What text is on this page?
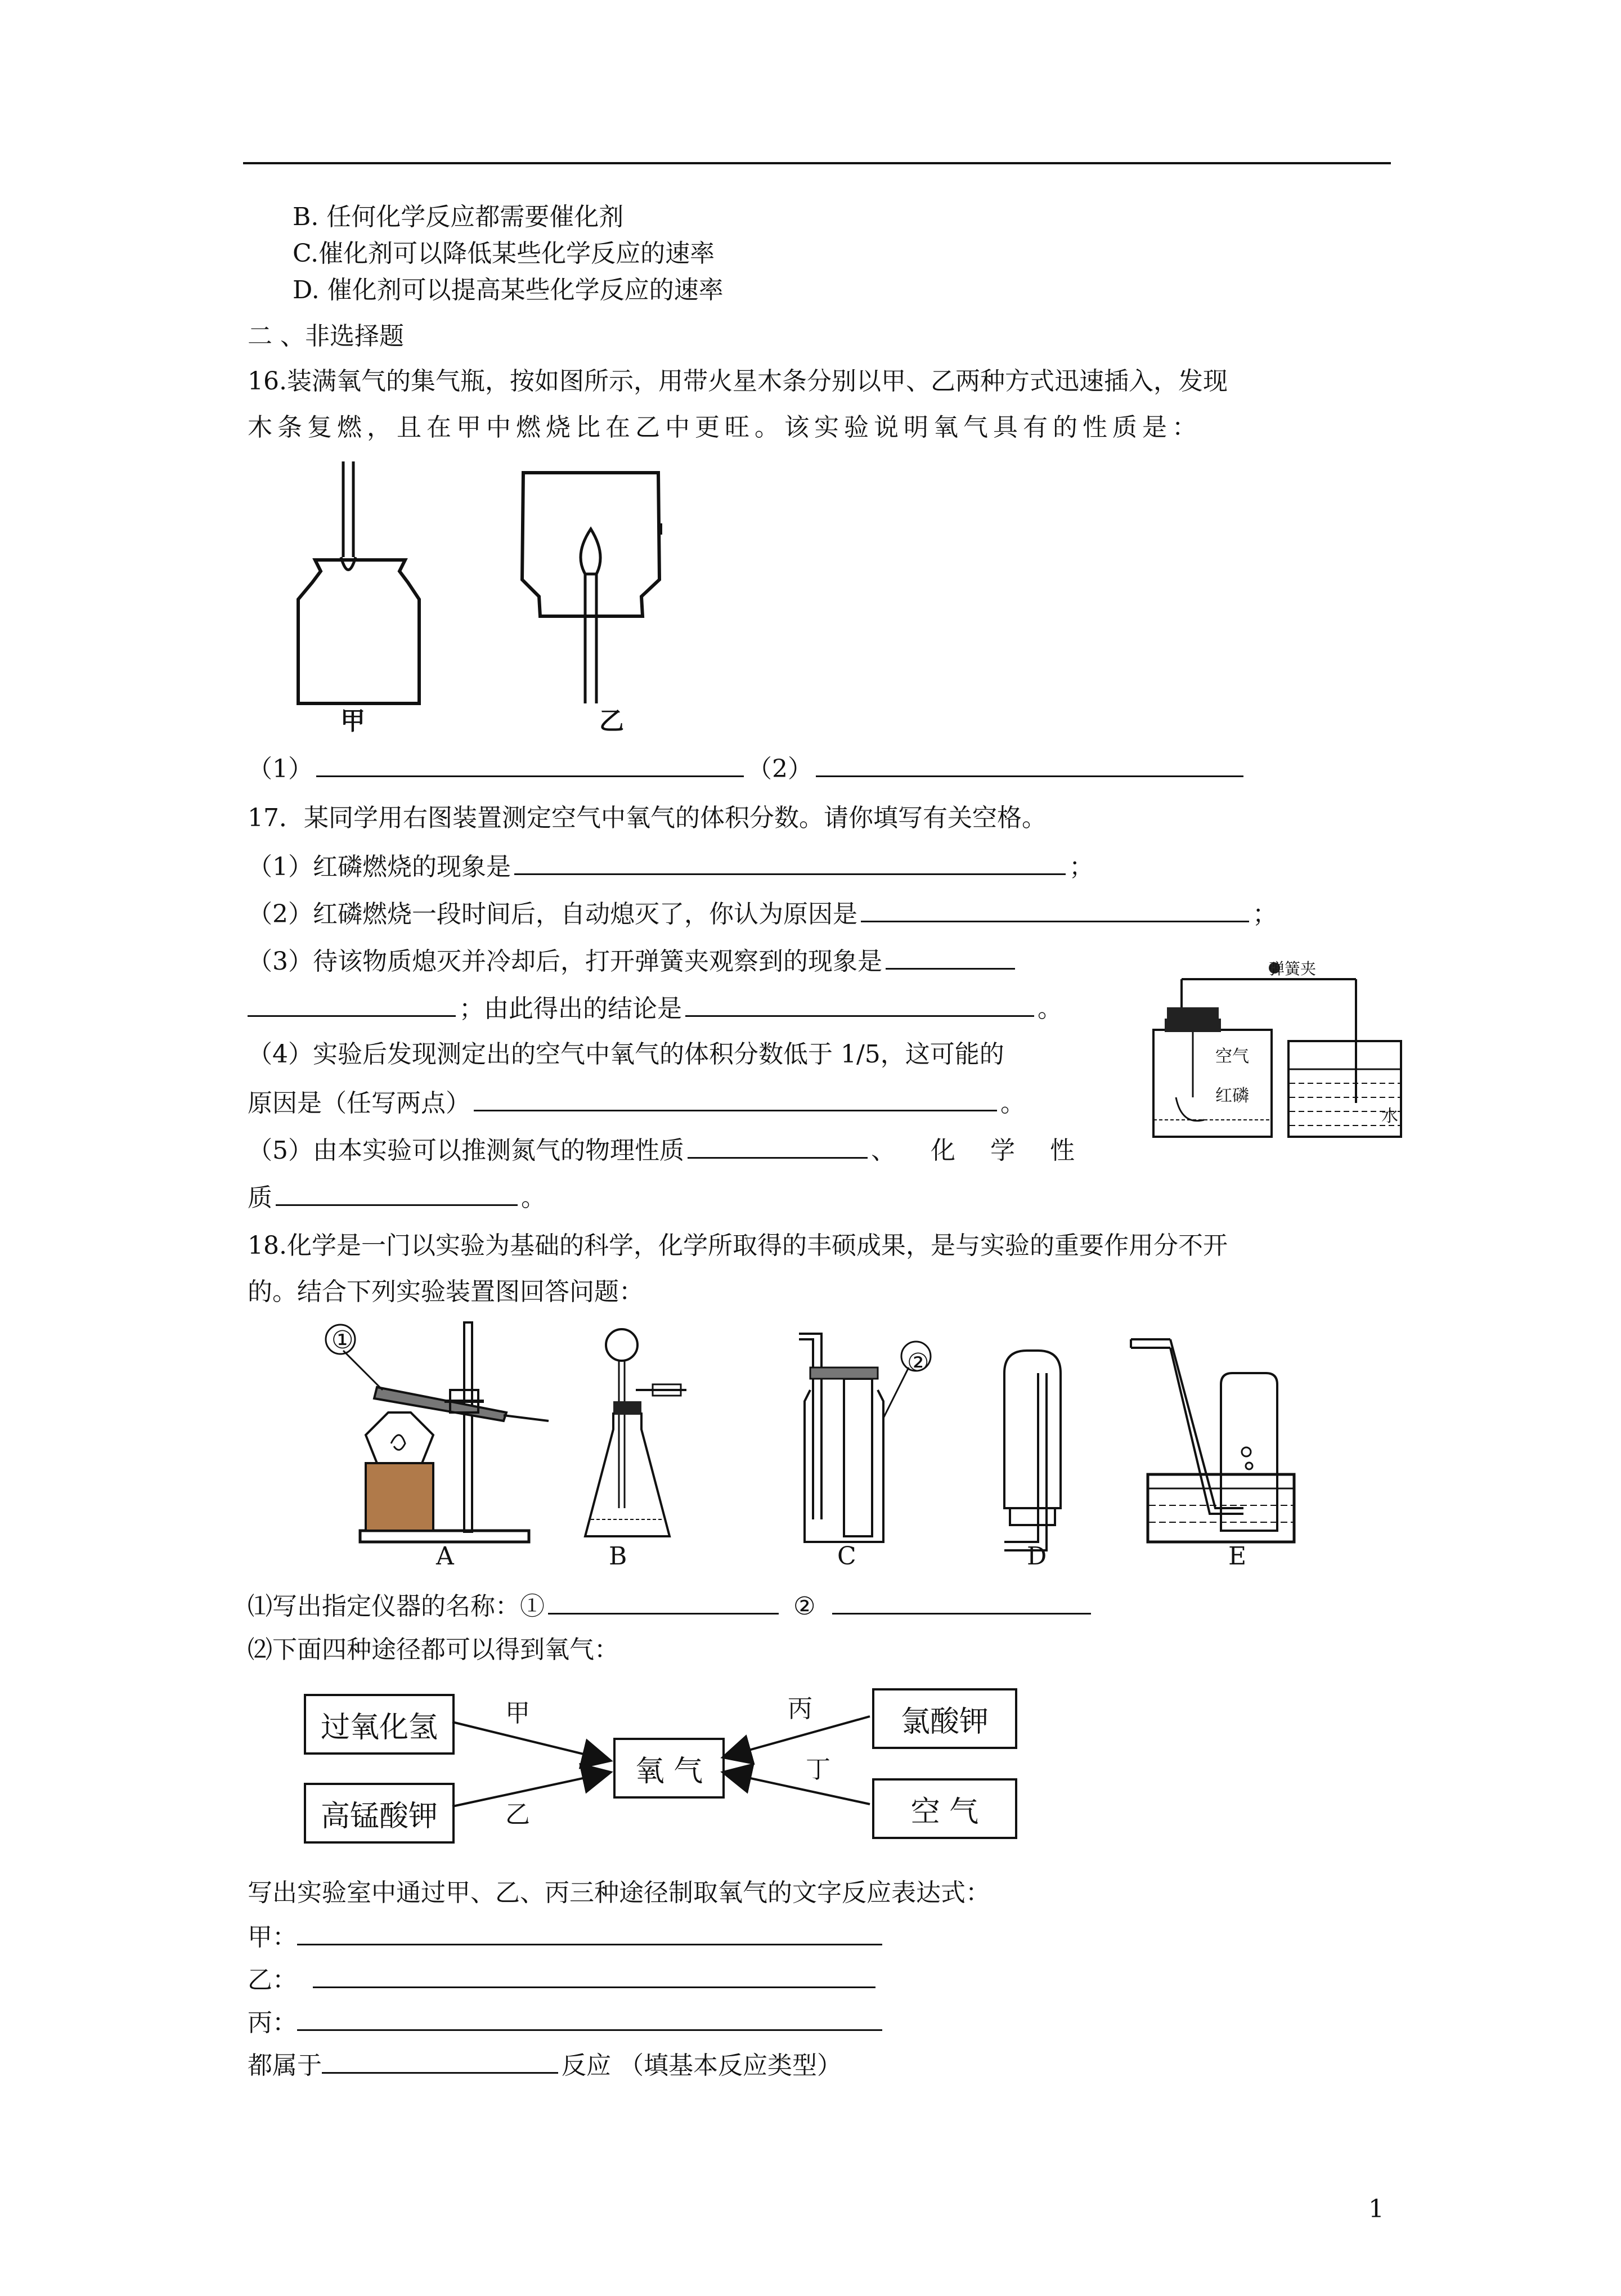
B. 任何化学反应都需要催化剂
C.催化剂可以降低某些化学反应的速率
D. 催化剂可以提高某些化学反应的速率
二 、非选择题
16.装满氧气的集气瓶，按如图所示，用带火星木条分别以甲、乙两种方式迅速插入，发现
木条复燃，且在甲中燃烧比在乙中更旺。该实验说明氧气具有的性质是：
甲	乙
（1）	（2）
17．某同学用右图装置测定空气中氧气的体积分数。请你填写有关空格。
（1）红磷燃烧的现象是	；
（2）红磷燃烧一段时间后，自动熄灭了，你认为原因是	；
（3）待该物质熄灭并冷却后，打开弹簧夹观察到的现象是
；由此得出的结论是	。
（4）实验后发现测定出的空气中氧气的体积分数低于 1/5，这可能的
原因是（任写两点）	。
（5）由本实验可以推测氮气的物理性质	、 化 学 性
质	。
弹簧夹
空气
红磷
水
18.化学是一门以实验为基础的科学，化学所取得的丰硕成果，是与实验的重要作用分不开
的。结合下列实验装置图回答问题：
①
②
A	B	C	D	E
⑴写出指定仪器的名称：①	②
⑵下面四种途径都可以得到氧气：
过氧化氢
高锰酸钾
氧 气
氯酸钾
空 气
甲
乙
丙
丁
写出实验室中通过甲、乙、丙三种途径制取氧气的文字反应表达式：
甲：
乙：
丙：
都属于	反应 （填基本反应类型）
1
